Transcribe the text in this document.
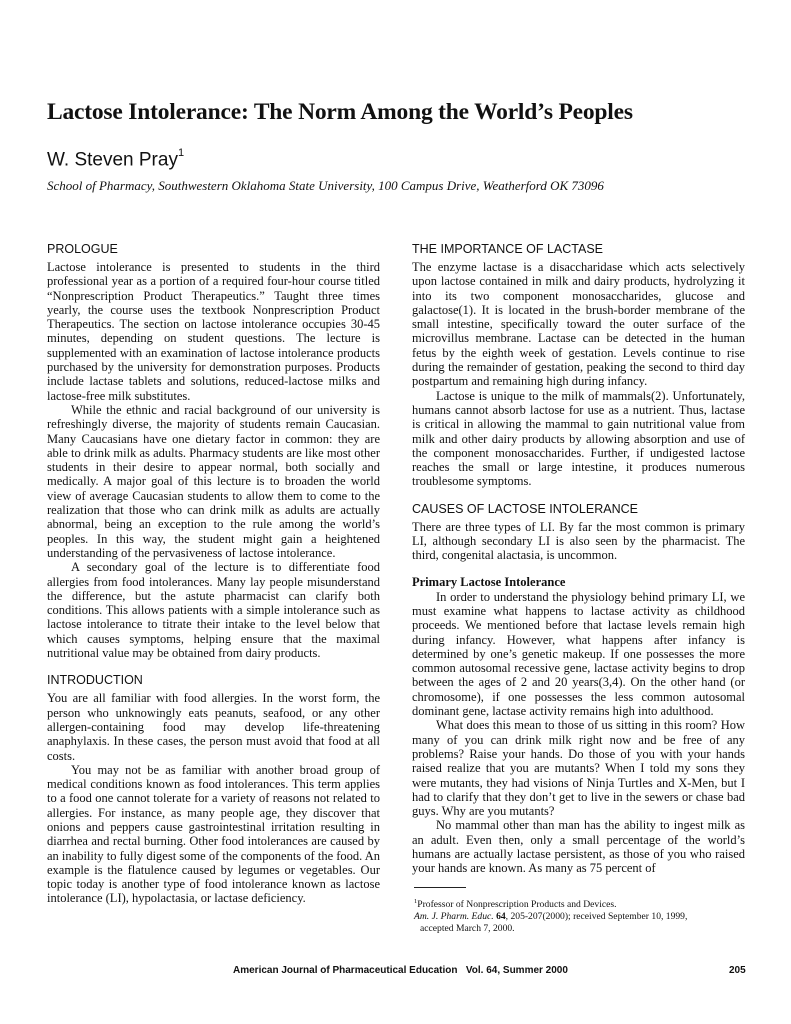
Lactose Intolerance: The Norm Among the World’s Peoples
W. Steven Pray$^1$
School of Pharmacy, Southwestern Oklahoma State University, 100 Campus Drive, Weatherford OK 73096
PROLOGUE

Lactose intolerance is presented to students in the third professional year as a portion of a required four-hour course titled “Nonprescription Product Therapeutics.” Taught three times yearly, the course uses the textbook Nonprescription Product Therapeutics. The section on lactose intolerance occupies 30-45 minutes, depending on student questions. The lecture is supplemented with an examination of lactose intolerance products purchased by the university for demonstration purposes. Products include lactase tablets and solutions, reduced-lactose milks and lactose-free milk substitutes.

While the ethnic and racial background of our university is refreshingly diverse, the majority of students remain Caucasian. Many Caucasians have one dietary factor in common: they are able to drink milk as adults. Pharmacy students are like most other students in their desire to appear normal, both socially and medically. A major goal of this lecture is to broaden the world view of average Caucasian students to allow them to come to the realization that those who can drink milk as adults are actually abnormal, being an exception to the rule among the world’s peoples. In this way, the student might gain a heightened understanding of the pervasiveness of lactose intolerance.

A secondary goal of the lecture is to differentiate food allergies from food intolerances. Many lay people misunderstand the difference, but the astute pharmacist can clarify both conditions. This allows patients with a simple intolerance such as lactose intolerance to titrate their intake to the level below that which causes symptoms, helping ensure that the maximal nutritional value may be obtained from dairy products.

INTRODUCTION

You are all familiar with food allergies. In the worst form, the person who unknowingly eats peanuts, seafood, or any other allergen-containing food may develop life-threatening anaphylaxis. In these cases, the person must avoid that food at all costs.

You may not be as familiar with another broad group of medical conditions known as food intolerances. This term applies to a food one cannot tolerate for a variety of reasons not related to allergies. For instance, as many people age, they discover that onions and peppers cause gastrointestinal irritation resulting in diarrhea and rectal burning. Other food intolerances are caused by an inability to fully digest some of the components of the food. An example is the flatulence caused by legumes or vegetables. Our topic today is another type of food intolerance known as lactose intolerance (LI), hypolactasia, or lactase deficiency.

THE IMPORTANCE OF LACTASE

The enzyme lactase is a disaccharidase which acts selectively upon lactose contained in milk and dairy products, hydrolyzing it into its two component monosaccharides, glucose and galactose(1). It is located in the brush-border membrane of the small intestine, specifically toward the outer surface of the microvillus membrane. Lactase can be detected in the human fetus by the eighth week of gestation. Levels continue to rise during the remainder of gestation, peaking the second to third day postpartum and remaining high during infancy.

Lactose is unique to the milk of mammals(2). Unfortunately, humans cannot absorb lactose for use as a nutrient. Thus, lactase is critical in allowing the mammal to gain nutritional value from milk and other dairy products by allowing absorption and use of the component monosaccharides. Further, if undigested lactose reaches the small or large intestine, it produces numerous troublesome symptoms.

CAUSES OF LACTOSE INTOLERANCE

There are three types of LI. By far the most common is primary LI, although secondary LI is also seen by the pharmacist. The third, congenital alactasia, is uncommon.

Primary Lactose Intolerance

In order to understand the physiology behind primary LI, we must examine what happens to lactase activity as childhood proceeds. We mentioned before that lactase levels remain high during infancy. However, what happens after infancy is determined by one’s genetic makeup. If one possesses the more common autosomal recessive gene, lactase activity begins to drop between the ages of 2 and 20 years(3,4). On the other hand (or chromosome), if one possesses the less common autosomal dominant gene, lactase activity remains high into adulthood.

What does this mean to those of us sitting in this room? How many of you can drink milk right now and be free of any problems? Raise your hands. Do those of you with your hands raised realize that you are mutants? When I told my sons they were mutants, they had visions of Ninja Turtles and X-Men, but I had to clarify that they don’t get to live in the sewers or chase bad guys. Why are you mutants?

No mammal other than man has the ability to ingest milk as an adult. Even then, only a small percentage of the world’s humans are actually lactase persistent, as those of you who raised your hands are known. As many as 75 percent of

$^1$Professor of Nonprescription Products and Devices.

Am. J. Pharm. Educ. 64, 205-207(2000); received September 10, 1999,

accepted March 7, 2000.

American Journal of Pharmaceutical Education   Vol. 64, Summer 2000	205
